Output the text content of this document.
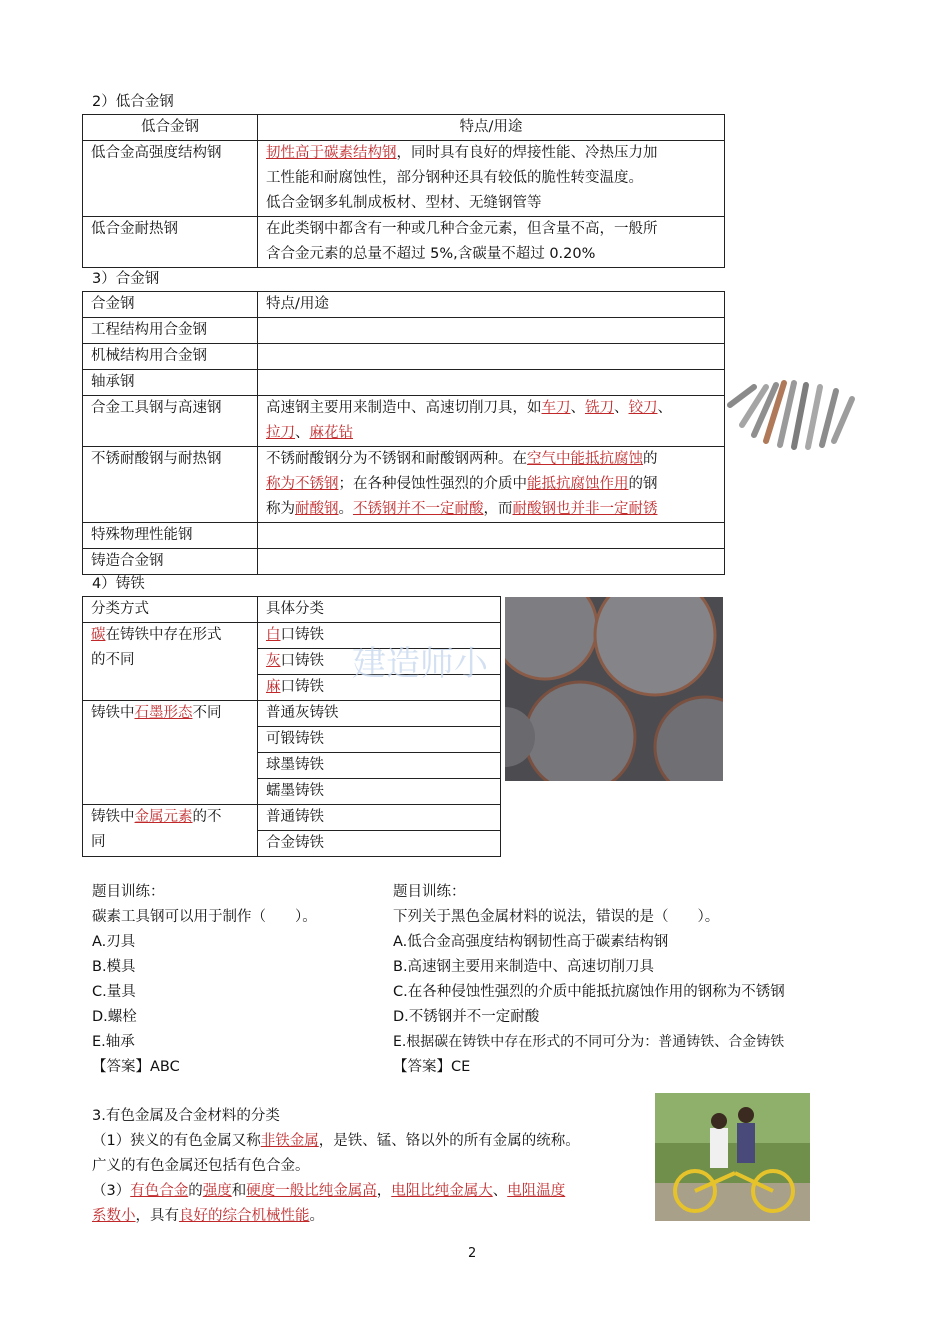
2）低合金钢
低合金钢	特点/用途
低合金高强度结构钢	韧性高于碳素结构钢，同时具有良好的焊接性能、冷热压力加
工性能和耐腐蚀性，部分钢种还具有较低的脆性转变温度。
低合金钢多轧制成板材、型材、无缝钢管等
低合金耐热钢	在此类钢中都含有一种或几种合金元素，但含量不高，一般所
含合金元素的总量不超过 5%,含碳量不超过 0.20%
3）合金钢
合金钢	特点/用途
工程结构用合金钢	
机械结构用合金钢	
轴承钢	
合金工具钢与高速钢	高速钢主要用来制造中、高速切削刀具，如车刀、铣刀、铰刀、
拉刀、麻花钻
不锈耐酸钢与耐热钢	不锈耐酸钢分为不锈钢和耐酸钢两种。在空气中能抵抗腐蚀的
称为不锈钢；在各种侵蚀性强烈的介质中能抵抗腐蚀作用的钢
称为耐酸钢。不锈钢并不一定耐酸，而耐酸钢也并非一定耐锈
特殊物理性能钢	
铸造合金钢	
4）铸铁
分类方式	具体分类
碳在铸铁中存在形式
的不同	白口铸铁
	灰口铸铁
	麻口铸铁
铸铁中石墨形态不同	普通灰铸铁
	可锻铸铁
	球墨铸铁
	蠕墨铸铁
铸铁中金属元素的不
同	普通铸铁
	合金铸铁
建造师小
题目训练：
碳素工具钢可以用于制作（　　）。
A.刃具
B.模具
C.量具
D.螺栓
E.轴承
【答案】ABC
题目训练：
下列关于黑色金属材料的说法，错误的是（　　）。
A.低合金高强度结构钢韧性高于碳素结构钢
B.高速钢主要用来制造中、高速切削刀具
C.在各种侵蚀性强烈的介质中能抵抗腐蚀作用的钢称为不锈钢
D.不锈钢并不一定耐酸
E.根据碳在铸铁中存在形式的不同可分为：普通铸铁、合金铸铁
【答案】CE
3.有色金属及合金材料的分类
（1）狭义的有色金属又称非铁金属，是铁、锰、铬以外的所有金属的统称。
广义的有色金属还包括有色合金。
（3）有色合金的强度和硬度一般比纯金属高，电阻比纯金属大、电阻温度
系数小，具有良好的综合机械性能。
2
